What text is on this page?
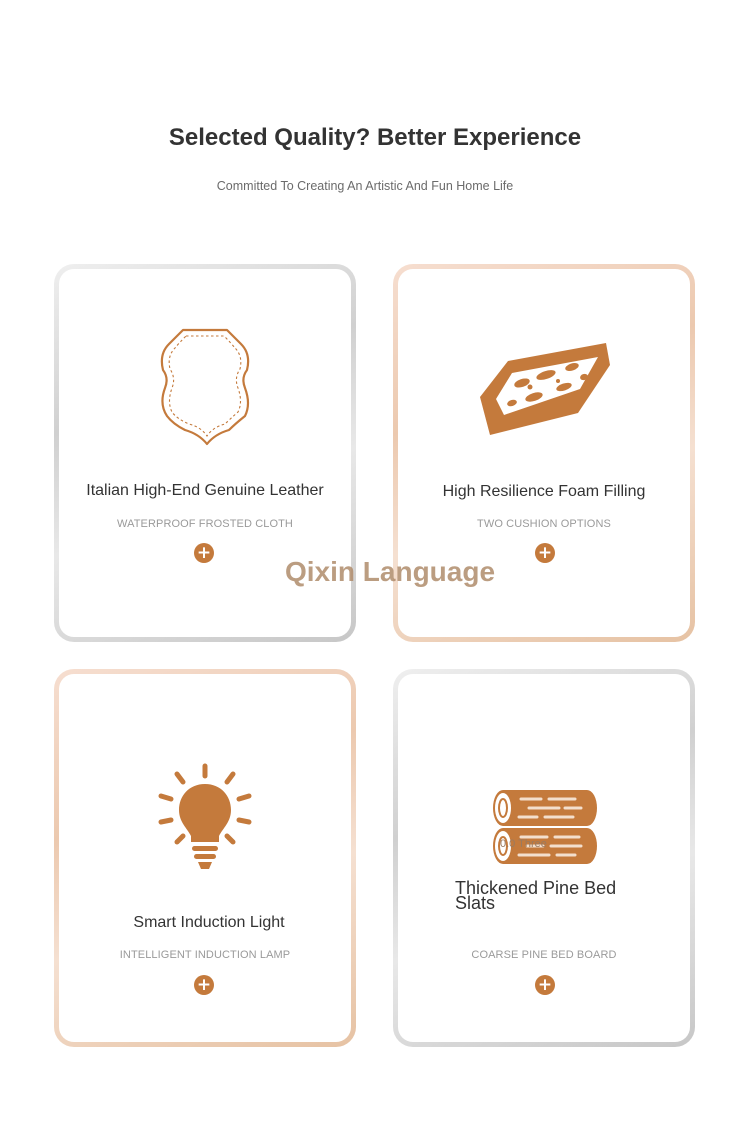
Selected Quality? Better Experience
Committed To Creating An Artistic And Fun Home Life
Italian High-End Genuine Leather
WATERPROOF FROSTED CLOTH
+
High Resilience Foam Filling
TWO CUSHION OPTIONS
+
Smart Induction Light
INTELLIGENT INDUCTION LAMP
+
Thickened Pine Bed Slats
COARSE PINE BED BOARD
+
0.0 Three
Qixin Language
